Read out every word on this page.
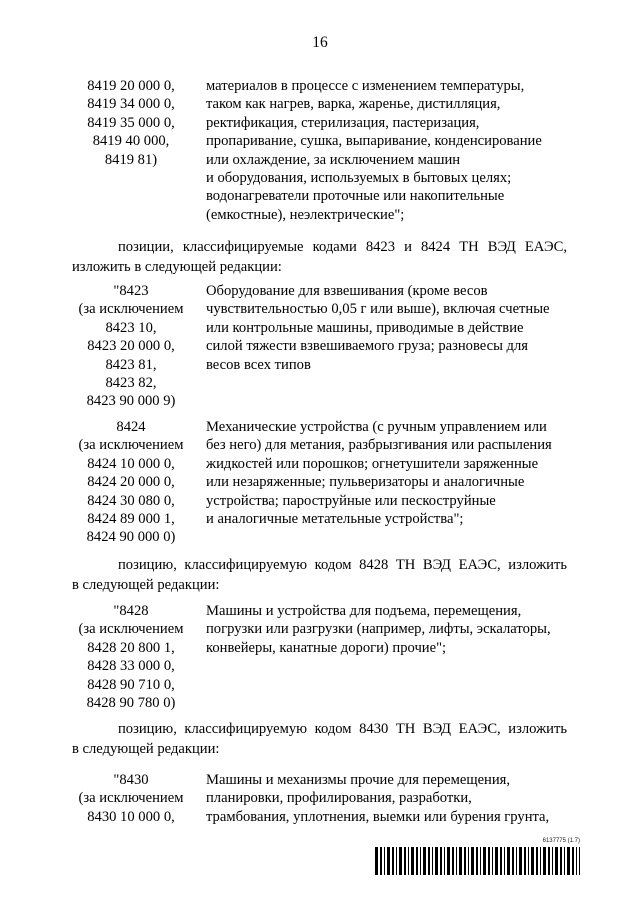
16
8419 20 000 0,
8419 34 000 0,
8419 35 000 0,
8419 40 000,
8419 81)
материалов в процессе с изменением температуры,
таком как нагрев, варка, жаренье, дистилляция,
ректификация, стерилизация, пастеризация,
пропаривание, сушка, выпаривание, конденсирование
или охлаждение, за исключением машин
и оборудования, используемых в бытовых целях;
водонагреватели проточные или накопительные
(емкостные), неэлектрические";
позиции, классифицируемые кодами 8423 и 8424 ТН ВЭД ЕАЭС,
изложить в следующей редакции:
"8423
(за исключением
8423 10,
8423 20 000 0,
8423 81,
8423 82,
8423 90 000 9)
Оборудование для взвешивания (кроме весов
чувствительностью 0,05 г или выше), включая счетные
или контрольные машины, приводимые в действие
силой тяжести взвешиваемого груза; разновесы для
весов всех типов
8424
(за исключением
8424 10 000 0,
8424 20 000 0,
8424 30 080 0,
8424 89 000 1,
8424 90 000 0)
Механические устройства (с ручным управлением или
без него) для метания, разбрызгивания или распыления
жидкостей или порошков; огнетушители заряженные
или незаряженные; пульверизаторы и аналогичные
устройства; пароструйные или пескоструйные
и аналогичные метательные устройства";
позицию, классифицируемую кодом 8428 ТН ВЭД ЕАЭС, изложить
в следующей редакции:
"8428
(за исключением
8428 20 800 1,
8428 33 000 0,
8428 90 710 0,
8428 90 780 0)
Машины и устройства для подъема, перемещения,
погрузки или разгрузки (например, лифты, эскалаторы,
конвейеры, канатные дороги) прочие";
позицию, классифицируемую кодом 8430 ТН ВЭД ЕАЭС, изложить
в следующей редакции:
"8430
(за исключением
8430 10 000 0,
Машины и механизмы прочие для перемещения,
планировки, профилирования, разработки,
трамбования, уплотнения, выемки или бурения грунта,
6137775 (1.7)
